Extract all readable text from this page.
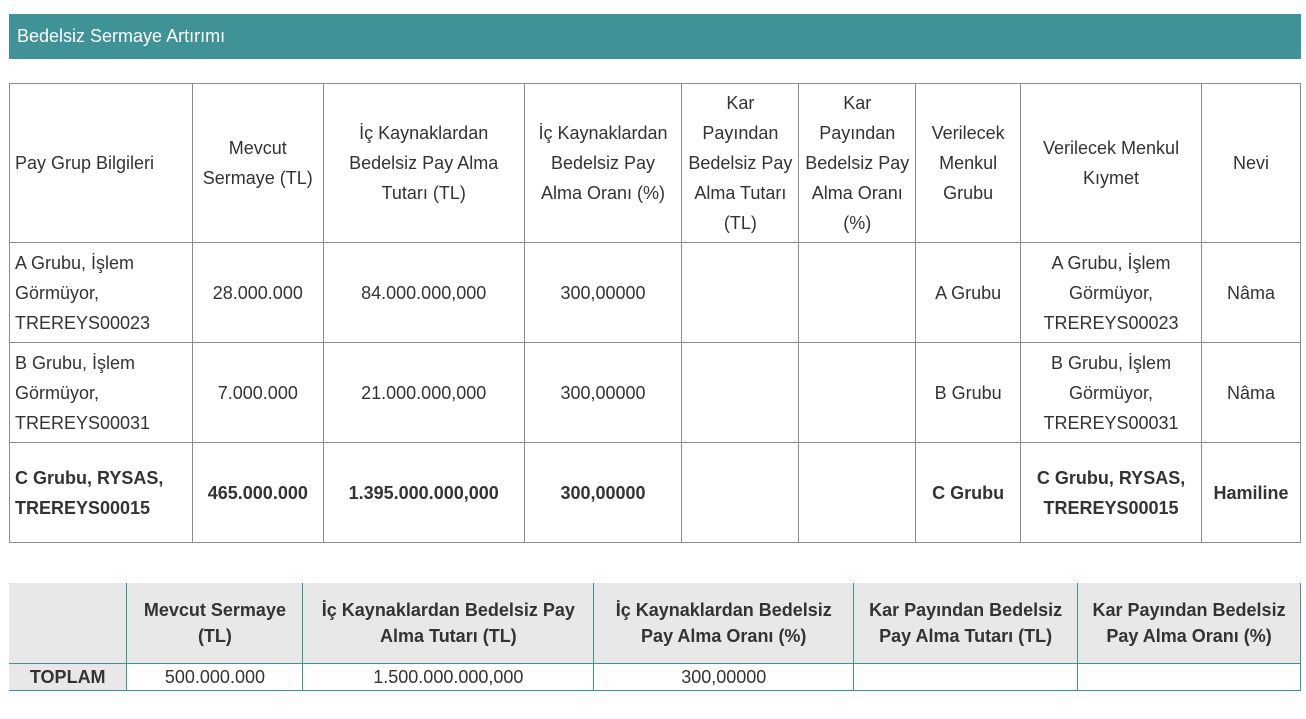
Bedelsiz Sermaye Artırımı
Pay Grup Bilgileri	Mevcut Sermaye (TL)	İç Kaynaklardan Bedelsiz Pay Alma Tutarı (TL)	İç Kaynaklardan Bedelsiz Pay Alma Oranı (%)	Kar Payından Bedelsiz Pay Alma Tutarı (TL)	Kar Payından Bedelsiz Pay Alma Oranı (%)	Verilecek Menkul Grubu	Verilecek Menkul Kıymet	Nevi
A Grubu, İşlem Görmüyor, TREREYS00023	28.000.000	84.000.000,000	300,00000			A Grubu	A Grubu, İşlem Görmüyor, TREREYS00023	Nâma
B Grubu, İşlem Görmüyor, TREREYS00031	7.000.000	21.000.000,000	300,00000			B Grubu	B Grubu, İşlem Görmüyor, TREREYS00031	Nâma
C Grubu, RYSAS, TREREYS00015	465.000.000	1.395.000.000,000	300,00000			C Grubu	C Grubu, RYSAS, TREREYS00015	Hamiline
	Mevcut Sermaye (TL)	İç Kaynaklardan Bedelsiz Pay Alma Tutarı (TL)	İç Kaynaklardan Bedelsiz Pay Alma Oranı (%)	Kar Payından Bedelsiz Pay Alma Tutarı (TL)	Kar Payından Bedelsiz Pay Alma Oranı (%)
TOPLAM	500.000.000	1.500.000.000,000	300,00000		
